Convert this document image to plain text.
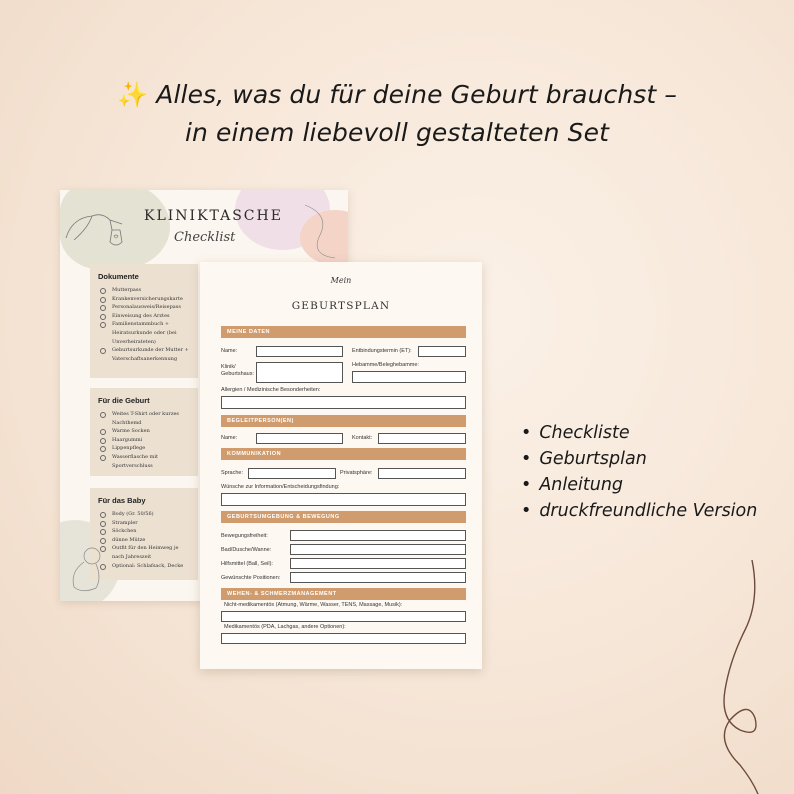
✨ Alles, was du für deine Geburt brauchst –
in einem liebevoll gestalteten Set
KLINIKTASCHE
Checklist
Dokumente
Mutterpass
Krankenversicherungskarte
Personalausweis/Reisepass
Einweisung des Arztes
Familienstammbuch + Heiratsurkunde oder (bei Unverheirateten)
Geburtsurkunde der Mutter + Vaterschaftsanerkennung
Für die Geburt
Weites T-Shirt oder kurzes Nachthemd
Warme Socken
Haargummi
Lippenpflege
Wasserflasche mit Sportverschluss
Für das Baby
Body (Gr. 50/56)
Strampler
Söckchen
dünne Mütze
Outfit für den Heimweg je nach Jahreszeit
Optional: Schlafsack, Decke
Mein
GEBURTSPLAN
MEINE DATEN
Name:	Entbindungstermin (ET):
Klinik/ Geburtshaus:
Hebamme/Beleghebamme:
Allergien / Medizinische Besonderheiten:
BEGLEITPERSON(EN)
Name:	Kontakt:
KOMMUNIKATION
Sprache:	Privatsphäre:
Wünsche zur Information/Entscheidungsfindung:
GEBURTSUMGEBUNG & BEWEGUNG
Bewegungsfreiheit:
Bad/Dusche/Wanne:
Hilfsmittel (Ball, Seil):
Gewünschte Positionen:
WEHEN- & SCHMERZMANAGEMENT
Nicht-medikamentös (Atmung, Wärme, Wasser, TENS, Massage, Musik):
Medikamentös (PDA, Lachgas, andere Optionen):
• Checkliste
• Geburtsplan
• Anleitung
• druckfreundliche Version
